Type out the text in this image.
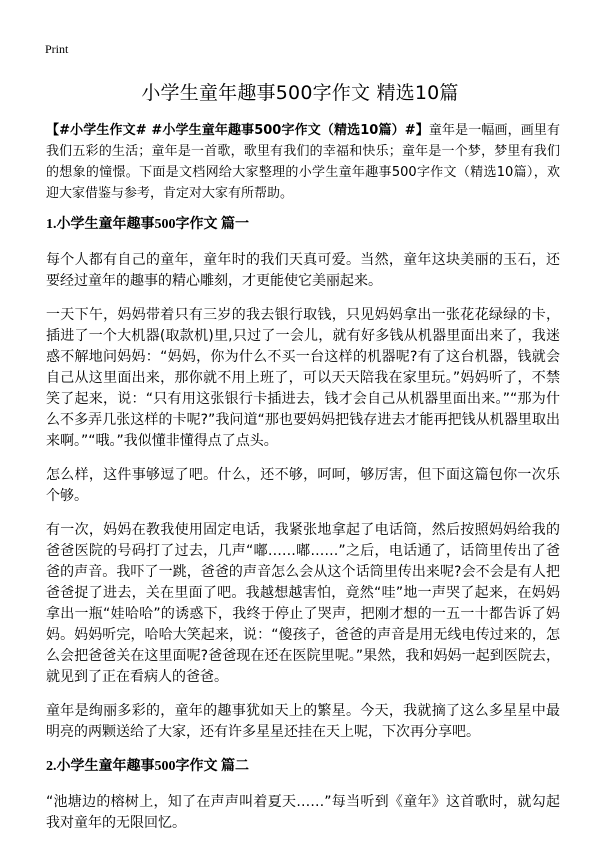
Print
小学生童年趣事500字作文 精选10篇

【#小学生作文# #小学生童年趣事500字作文（精选10篇）#】童年是一幅画，画里有我们五彩的生活；童年是一首歌，歌里有我们的幸福和快乐；童年是一个梦，梦里有我们的想象的憧憬。下面是文档网给大家整理的小学生童年趣事500字作文（精选10篇），欢迎大家借鉴与参考，肯定对大家有所帮助。

1.小学生童年趣事500字作文 篇一

每个人都有自己的童年，童年时的我们天真可爱。当然，童年这块美丽的玉石，还要经过童年的趣事的精心雕刻，才更能使它美丽起来。

一天下午，妈妈带着只有三岁的我去银行取钱，只见妈妈拿出一张花花绿绿的卡，插进了一个大机器(取款机)里,只过了一会儿，就有好多钱从机器里面出来了，我迷惑不解地问妈妈：“妈妈，你为什么不买一台这样的机器呢?有了这台机器，钱就会自己从这里面出来，那你就不用上班了，可以天天陪我在家里玩。”妈妈听了，不禁笑了起来，说：“只有用这张银行卡插进去，钱才会自己从机器里面出来。”“那为什么不多弄几张这样的卡呢?”我问道“那也要妈妈把钱存进去才能再把钱从机器里取出来啊。”“哦。”我似懂非懂得点了点头。

怎么样，这件事够逗了吧。什么，还不够，呵呵，够厉害，但下面这篇包你一次乐个够。

有一次，妈妈在教我使用固定电话，我紧张地拿起了电话筒，然后按照妈妈给我的爸爸医院的号码打了过去，几声“嘟……嘟……”之后，电话通了，话筒里传出了爸爸的声音。我吓了一跳，爸爸的声音怎么会从这个话筒里传出来呢?会不会是有人把爸爸捉了进去，关在里面了吧。我越想越害怕，竟然“哇”地一声哭了起来，在妈妈拿出一瓶“娃哈哈”的诱惑下，我终于停止了哭声，把刚才想的一五一十都告诉了妈妈。妈妈听完，哈哈大笑起来，说：“傻孩子，爸爸的声音是用无线电传过来的，怎么会把爸爸关在这里面呢?爸爸现在还在医院里呢。”果然，我和妈妈一起到医院去，就见到了正在看病人的爸爸。

童年是绚丽多彩的，童年的趣事犹如天上的繁星。今天，我就摘了这么多星星中最明亮的两颗送给了大家，还有许多星星还挂在天上呢，下次再分享吧。

2.小学生童年趣事500字作文 篇二

“池塘边的榕树上，知了在声声叫着夏天……”每当听到《童年》这首歌时，就勾起我对童年的无限回忆。
